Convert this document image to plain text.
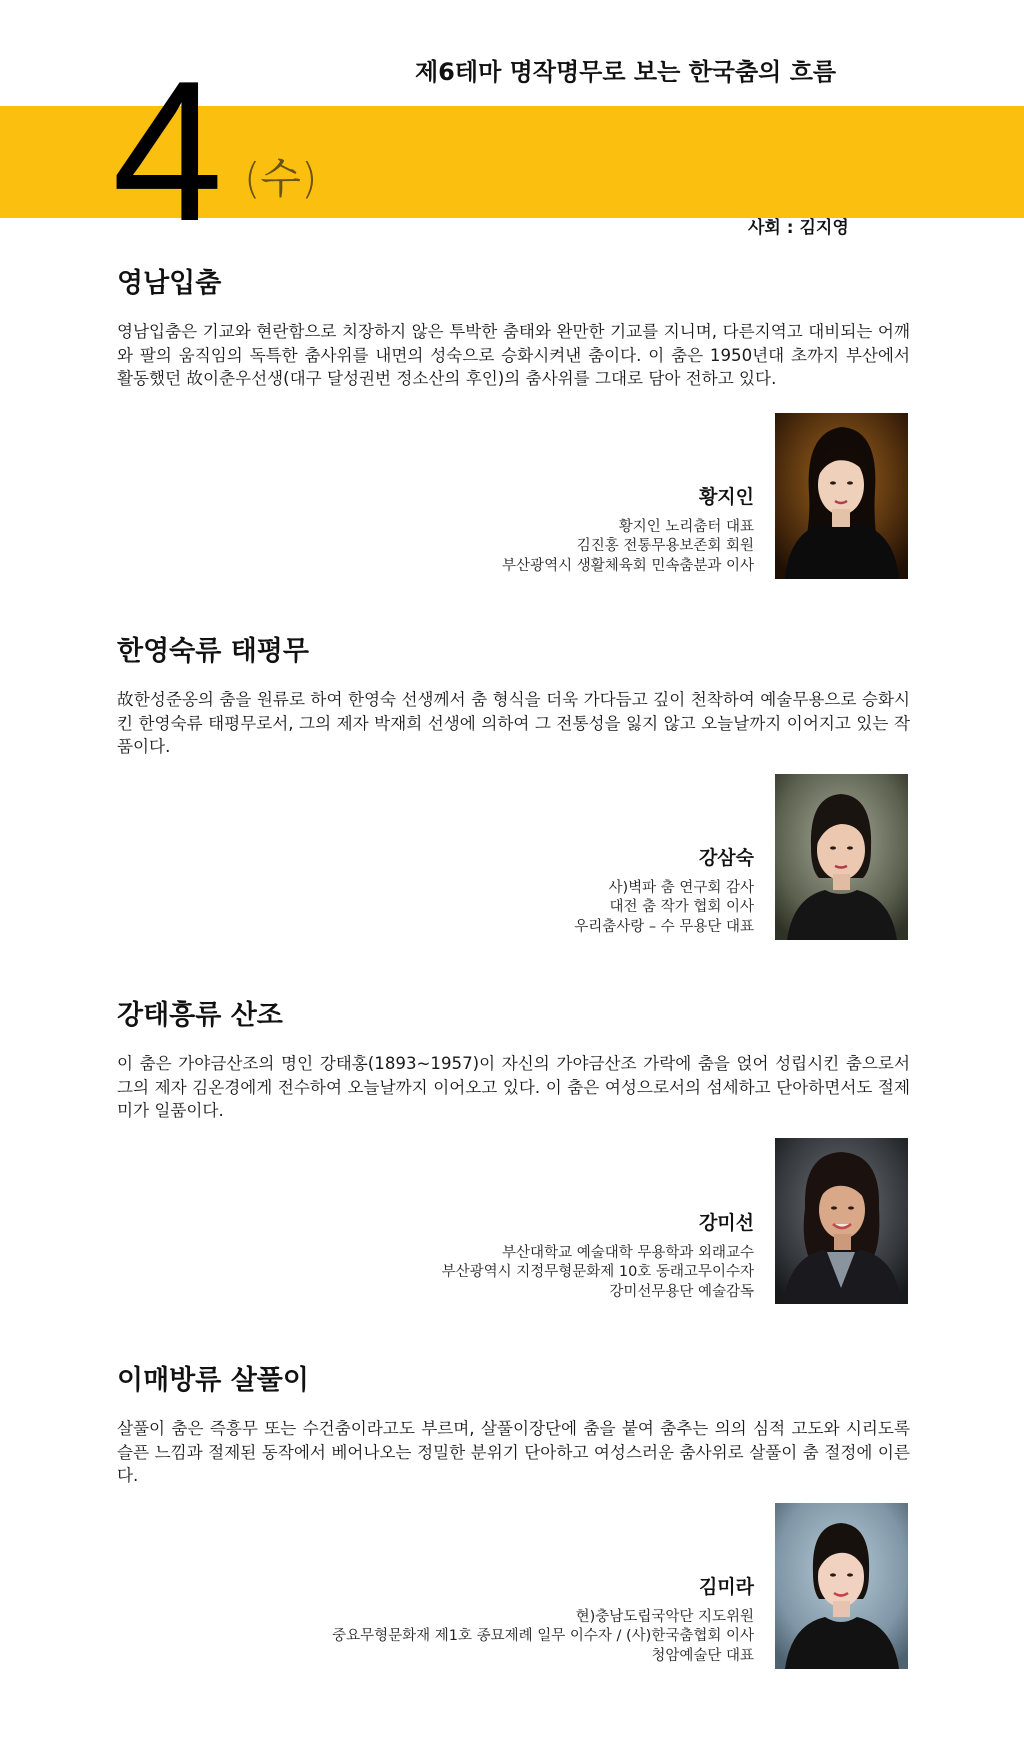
4 (수)
제6테마 명작명무로 보는 한국춤의 흐름
사회 : 김지영
영남입춤
영남입춤은 기교와 현란함으로 치장하지 않은 투박한 춤태와 완만한 기교를 지니며, 다른지역고 대비되는 어깨와 팔의 움직임의 독특한 춤사위를 내면의 성숙으로 승화시켜낸 춤이다. 이 춤은 1950년대 초까지 부산에서 활동했던 故이춘우선생(대구 달성권번 정소산의 후인)의 춤사위를 그대로 담아 전하고 있다.
황지인
황지인 노리춤터 대표
김진홍 전통무용보존회 회원
부산광역시 생활체육회 민속춤분과 이사
한영숙류 태평무
故한성준옹의 춤을 원류로 하여 한영숙 선생께서 춤 형식을 더욱 가다듬고 깊이 천착하여 예술무용으로 승화시킨 한영숙류 태평무로서, 그의 제자 박재희 선생에 의하여 그 전통성을 잃지 않고 오늘날까지 이어지고 있는 작품이다.
강삼숙
사)벽파 춤 연구회 감사
대전 춤 작가 협회 이사
우리춤사랑 – 수 무용단 대표
강태흥류 산조
이 춤은 가야금산조의 명인 강태홍(1893~1957)이 자신의 가야금산조 가락에 춤을 얹어 성립시킨 춤으로서 그의 제자 김온경에게 전수하여 오늘날까지 이어오고 있다. 이 춤은 여성으로서의 섬세하고 단아하면서도 절제미가 일품이다.
강미선
부산대학교 예술대학 무용학과 외래교수
부산광역시 지정무형문화제 10호 동래고무이수자
강미선무용단 예술감독
이매방류 살풀이
살풀이 춤은 즉흥무 또는 수건춤이라고도 부르며, 살풀이장단에 춤을 붙여 춤추는 의의 심적 고도와 시리도록 슬픈 느낌과 절제된 동작에서 베어나오는 정밀한 분위기 단아하고 여성스러운 춤사위로 살풀이 춤 절정에 이른다.
김미라
현)충남도립국악단 지도위원
중요무형문화재 제1호 종묘제례 일무 이수자 / (사)한국춤협회 이사
청암예술단 대표
